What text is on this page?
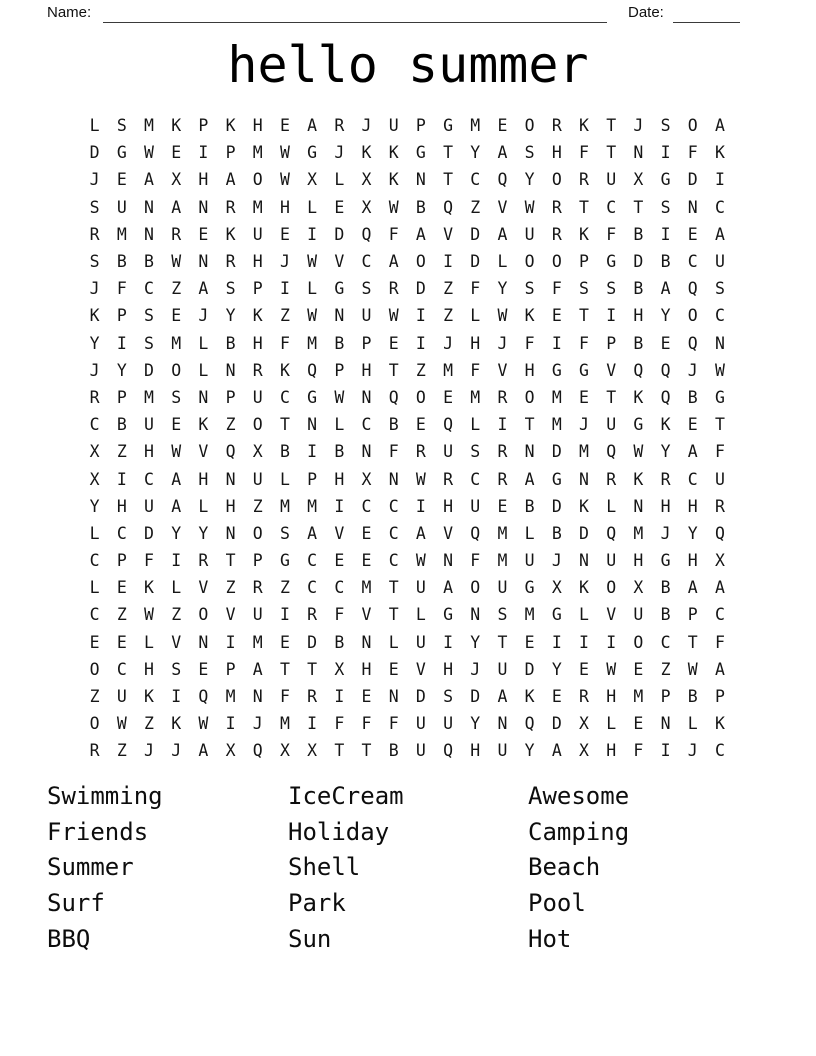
Name:	Date:
hello summer
L	S	M	K	P	K	H	E	A	R	J	U	P	G	M	E	O	R	K	T	J	S	O	A
D	G	W	E	I	P	M	W	G	J	K	K	G	T	Y	A	S	H	F	T	N	I	F	K
J	E	A	X	H	A	O	W	X	L	X	K	N	T	C	Q	Y	O	R	U	X	G	D	I
S	U	N	A	N	R	M	H	L	E	X	W	B	Q	Z	V	W	R	T	C	T	S	N	C
R	M	N	R	E	K	U	E	I	D	Q	F	A	V	D	A	U	R	K	F	B	I	E	A
S	B	B	W	N	R	H	J	W	V	C	A	O	I	D	L	O	O	P	G	D	B	C	U
J	F	C	Z	A	S	P	I	L	G	S	R	D	Z	F	Y	S	F	S	S	B	A	Q	S
K	P	S	E	J	Y	K	Z	W	N	U	W	I	Z	L	W	K	E	T	I	H	Y	O	C
Y	I	S	M	L	B	H	F	M	B	P	E	I	J	H	J	F	I	F	P	B	E	Q	N
J	Y	D	O	L	N	R	K	Q	P	H	T	Z	M	F	V	H	G	G	V	Q	Q	J	W
R	P	M	S	N	P	U	C	G	W	N	Q	O	E	M	R	O	M	E	T	K	Q	B	G
C	B	U	E	K	Z	O	T	N	L	C	B	E	Q	L	I	T	M	J	U	G	K	E	T
X	Z	H	W	V	Q	X	B	I	B	N	F	R	U	S	R	N	D	M	Q	W	Y	A	F
X	I	C	A	H	N	U	L	P	H	X	N	W	R	C	R	A	G	N	R	K	R	C	U
Y	H	U	A	L	H	Z	M	M	I	C	C	I	H	U	E	B	D	K	L	N	H	H	R
L	C	D	Y	Y	N	O	S	A	V	E	C	A	V	Q	M	L	B	D	Q	M	J	Y	Q
C	P	F	I	R	T	P	G	C	E	E	C	W	N	F	M	U	J	N	U	H	G	H	X
L	E	K	L	V	Z	R	Z	C	C	M	T	U	A	O	U	G	X	K	O	X	B	A	A
C	Z	W	Z	O	V	U	I	R	F	V	T	L	G	N	S	M	G	L	V	U	B	P	C
E	E	L	V	N	I	M	E	D	B	N	L	U	I	Y	T	E	I	I	I	O	C	T	F
O	C	H	S	E	P	A	T	T	X	H	E	V	H	J	U	D	Y	E	W	E	Z	W	A
Z	U	K	I	Q	M	N	F	R	I	E	N	D	S	D	A	K	E	R	H	M	P	B	P
O	W	Z	K	W	I	J	M	I	F	F	F	U	U	Y	N	Q	D	X	L	E	N	L	K
R	Z	J	J	A	X	Q	X	X	T	T	B	U	Q	H	U	Y	A	X	H	F	I	J	C
Swimming
Friends
Summer
Surf
BBQ
IceCream
Holiday
Shell
Park
Sun
Awesome
Camping
Beach
Pool
Hot
